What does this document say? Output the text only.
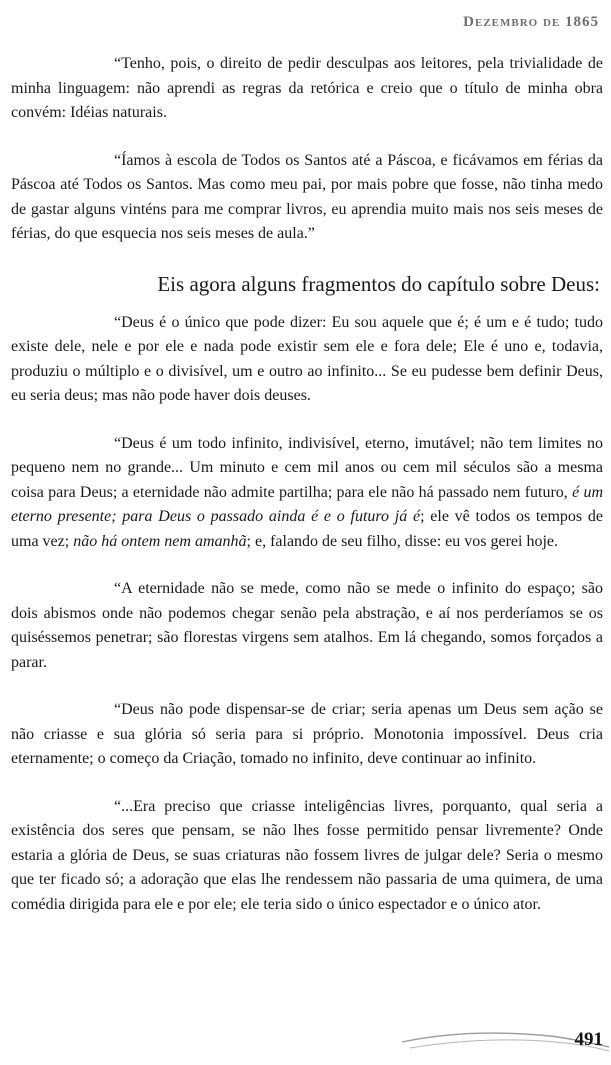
Dezembro de 1865

“Tenho, pois, o direito de pedir desculpas aos leitores, pela trivialidade de minha linguagem: não aprendi as regras da retórica e creio que o título de minha obra convém: Idéias naturais.

“Íamos à escola de Todos os Santos até a Páscoa, e ficávamos em férias da Páscoa até Todos os Santos. Mas como meu pai, por mais pobre que fosse, não tinha medo de gastar alguns vinténs para me comprar livros, eu aprendia muito mais nos seis meses de férias, do que esquecia nos seis meses de aula.”

Eis agora alguns fragmentos do capítulo sobre Deus:

“Deus é o único que pode dizer: Eu sou aquele que é; é um e é tudo; tudo existe dele, nele e por ele e nada pode existir sem ele e fora dele; Ele é uno e, todavia, produziu o múltiplo e o divisível, um e outro ao infinito... Se eu pudesse bem definir Deus, eu seria deus; mas não pode haver dois deuses.

“Deus é um todo infinito, indivisível, eterno, imutável; não tem limites no pequeno nem no grande... Um minuto e cem mil anos ou cem mil séculos são a mesma coisa para Deus; a eternidade não admite partilha; para ele não há passado nem futuro, é um eterno presente; para Deus o passado ainda é e o futuro já é; ele vê todos os tempos de uma vez; não há ontem nem amanhã; e, falando de seu filho, disse: eu vos gerei hoje.

“A eternidade não se mede, como não se mede o infinito do espaço; são dois abismos onde não podemos chegar senão pela abstração, e aí nos perderíamos se os quiséssemos penetrar; são florestas virgens sem atalhos. Em lá chegando, somos forçados a parar.

“Deus não pode dispensar-se de criar; seria apenas um Deus sem ação se não criasse e sua glória só seria para si próprio. Monotonia impossível. Deus cria eternamente; o começo da Criação, tomado no infinito, deve continuar ao infinito.

“...Era preciso que criasse inteligências livres, porquanto, qual seria a existência dos seres que pensam, se não lhes fosse permitido pensar livremente? Onde estaria a glória de Deus, se suas criaturas não fossem livres de julgar dele? Seria o mesmo que ter ficado só; a adoração que elas lhe rendessem não passaria de uma quimera, de uma comédia dirigida para ele e por ele; ele teria sido o único espectador e o único ator.

491
